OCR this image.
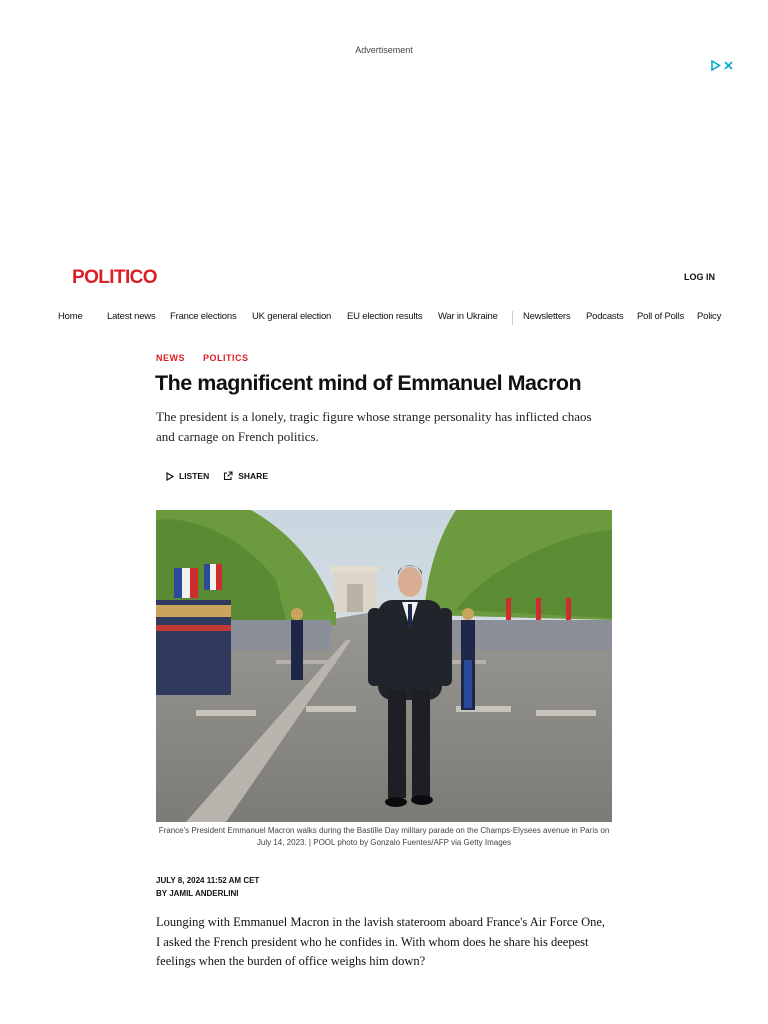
Advertisement
POLITICO	LOG IN
Home	Latest news France elections UK general election EU election results War in Ukraine	Newsletters Podcasts Poll of Polls Policy
NEWS POLITICS
The magnificent mind of Emmanuel Macron

The president is a lonely, tragic figure whose strange personality has inflicted chaos and carnage on French politics.

LISTEN	SHARE
France's President Emmanuel Macron walks during the Bastille Day military parade on the Champs-Elysees avenue in Paris on July 14, 2023. | POOL photo by Gonzalo Fuentes/AFP via Getty Images
JULY 8, 2024 11:52 AM CET
BY JAMIL ANDERLINI

Lounging with Emmanuel Macron in the lavish stateroom aboard France's Air Force One, I asked the French president who he confides in. With whom does he share his deepest feelings when the burden of office weighs him down?
